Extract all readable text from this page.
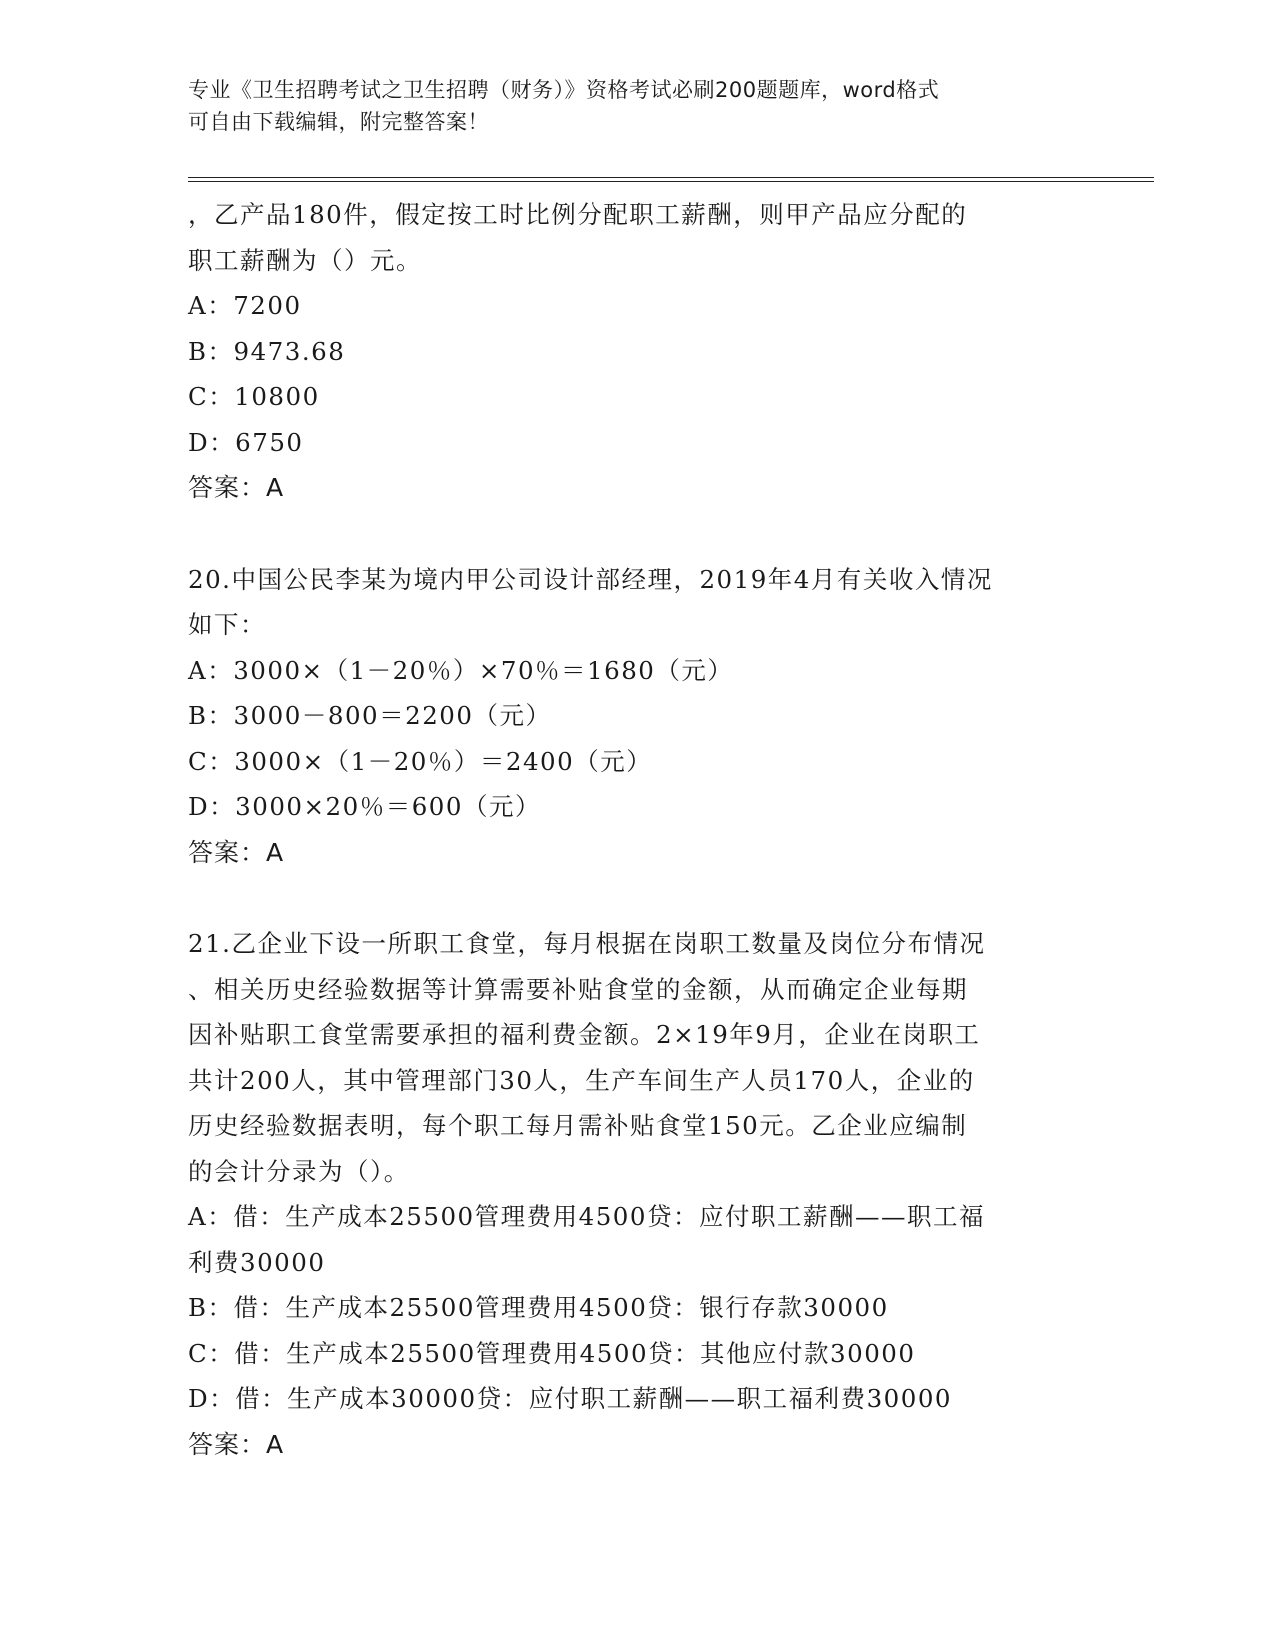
专业《卫生招聘考试之卫生招聘（财务）》资格考试必刷200题题库，word格式
可自由下载编辑，附完整答案！
，乙产品180件，假定按工时比例分配职工薪酬，则甲产品应分配的
职工薪酬为（）元。
A：7200
B：9473.68
C：10800
D：6750
答案：A
20.中国公民李某为境内甲公司设计部经理，2019年4月有关收入情况
如下：
A：3000×（1－20％）×70％＝1680（元）
B：3000－800＝2200（元）
C：3000×（1－20％）＝2400（元）
D：3000×20％＝600（元）
答案：A
21.乙企业下设一所职工食堂，每月根据在岗职工数量及岗位分布情况
、相关历史经验数据等计算需要补贴食堂的金额，从而确定企业每期
因补贴职工食堂需要承担的福利费金额。2×19年9月，企业在岗职工
共计200人，其中管理部门30人，生产车间生产人员170人，企业的
历史经验数据表明，每个职工每月需补贴食堂150元。乙企业应编制
的会计分录为（）。
A：借：生产成本25500管理费用4500贷：应付职工薪酬——职工福
利费30000
B：借：生产成本25500管理费用4500贷：银行存款30000
C：借：生产成本25500管理费用4500贷：其他应付款30000
D：借：生产成本30000贷：应付职工薪酬——职工福利费30000
答案：A
